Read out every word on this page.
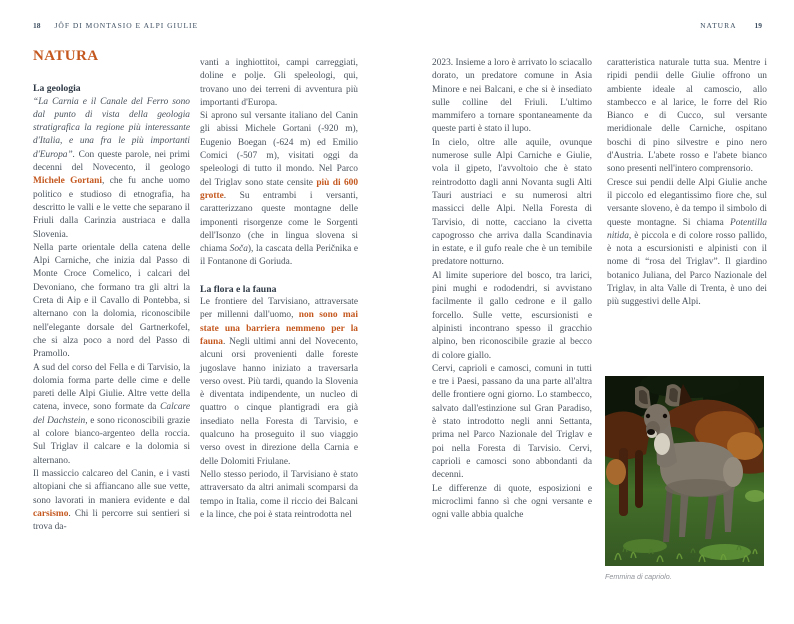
18 JÔF DI MONTASIO E ALPI GIULIE	NATURA 19
NATURA
La geologia

“La Carnia e il Canale del Ferro sono dal punto di vista della geologia stratigrafica la regione più interessante d'Italia, e una fra le più importanti d'Europa”. Con queste parole, nei primi decenni del Novecento, il geologo Michele Gortani, che fu anche uomo politico e studioso di etnografia, ha descritto le valli e le vette che separano il Friuli dalla Carinzia austriaca e dalla Slovenia.

Nella parte orientale della catena delle Alpi Carniche, che inizia dal Passo di Monte Croce Comelico, i calcari del Devoniano, che formano tra gli altri la Creta di Aip e il Cavallo di Pontebba, si alternano con la dolomia, riconoscibile nell'elegante dorsale del Gartnerkofel, che si alza poco a nord del Passo di Pramollo.

A sud del corso del Fella e di Tarvisio, la dolomia forma parte delle cime e delle pareti delle Alpi Giulie. Altre vette della catena, invece, sono formate da Calcare del Dachstein, e sono riconoscibili grazie al colore bianco-argenteo della roccia. Sul Triglav il calcare e la dolomia si alternano.

Il massiccio calcareo del Canin, e i vasti altopiani che si affiancano alle sue vette, sono lavorati in maniera evidente e dal carsismo. Chi li percorre sui sentieri si trova da-

vanti a inghiottitoi, campi carreggiati, doline e polje. Gli speleologi, qui, trovano uno dei terreni di avventura più importanti d'Europa.

Si aprono sul versante italiano del Canin gli abissi Michele Gortani (-920 m), Eugenio Boegan (-624 m) ed Emilio Comici (-507 m), visitati oggi da speleologi di tutto il mondo. Nel Parco del Triglav sono state censite più di 600 grotte. Su entrambi i versanti, caratterizzano queste montagne delle imponenti risorgenze come le Sorgenti dell'Isonzo (che in lingua slovena si chiama Soča), la cascata della Peričnika e il Fontanone di Goriuda.

La flora e la fauna

Le frontiere del Tarvisiano, attraversate per millenni dall'uomo, non sono mai state una barriera nemmeno per la fauna. Negli ultimi anni del Novecento, alcuni orsi provenienti dalle foreste jugoslave hanno iniziato a traversarla verso ovest. Più tardi, quando la Slovenia è diventata indipendente, un nucleo di quattro o cinque plantigradi era già insediato nella Foresta di Tarvisio, e qualcuno ha proseguito il suo viaggio verso ovest in direzione della Carnia e delle Dolomiti Friulane.

Nello stesso periodo, il Tarvisiano è stato attraversato da altri animali scomparsi da tempo in Italia, come il riccio dei Balcani e la lince, che poi è stata reintrodotta nel

2023. Insieme a loro è arrivato lo sciacallo dorato, un predatore comune in Asia Minore e nei Balcani, e che si è insediato sulle colline del Friuli. L'ultimo mammifero a tornare spontaneamente da queste parti è stato il lupo.

In cielo, oltre alle aquile, ovunque numerose sulle Alpi Carniche e Giulie, vola il gipeto, l'avvoltoio che è stato reintrodotto dagli anni Novanta sugli Alti Tauri austriaci e su numerosi altri massicci delle Alpi. Nella Foresta di Tarvisio, di notte, cacciano la civetta capogrosso che arriva dalla Scandinavia in estate, e il gufo reale che è un temibile predatore notturno.

Al limite superiore del bosco, tra larici, pini mughi e rododendri, si avvistano facilmente il gallo cedrone e il gallo forcello. Sulle vette, escursionisti e alpinisti incontrano spesso il gracchio alpino, ben riconoscibile grazie al becco di colore giallo.

Cervi, caprioli e camosci, comuni in tutti e tre i Paesi, passano da una parte all'altra delle frontiere ogni giorno. Lo stambecco, salvato dall'estinzione sul Gran Paradiso, è stato introdotto negli anni Settanta, prima nel Parco Nazionale del Triglav e poi nella Foresta di Tarvisio. Cervi, caprioli e camosci sono abbondanti da decenni.

Le differenze di quote, esposizioni e microclimi fanno sì che ogni versante e ogni valle abbia qualche

caratteristica naturale tutta sua. Mentre i ripidi pendii delle Giulie offrono un ambiente ideale al camoscio, allo stambecco e al larice, le forre del Rio Bianco e di Cucco, sul versante meridionale delle Carniche, ospitano boschi di pino silvestre e pino nero d'Austria. L'abete rosso e l'abete bianco sono presenti nell'intero comprensorio.

Cresce sui pendii delle Alpi Giulie anche il piccolo ed elegantissimo fiore che, sul versante sloveno, è da tempo il simbolo di queste montagne. Si chiama Potentilla nitida, è piccola e di colore rosso pallido, è nota a escursionisti e alpinisti con il nome di “rosa del Triglav”. Il giardino botanico Juliana, del Parco Nazionale del Triglav, in alta Valle di Trenta, è uno dei più suggestivi delle Alpi.

Femmina di capriolo.
